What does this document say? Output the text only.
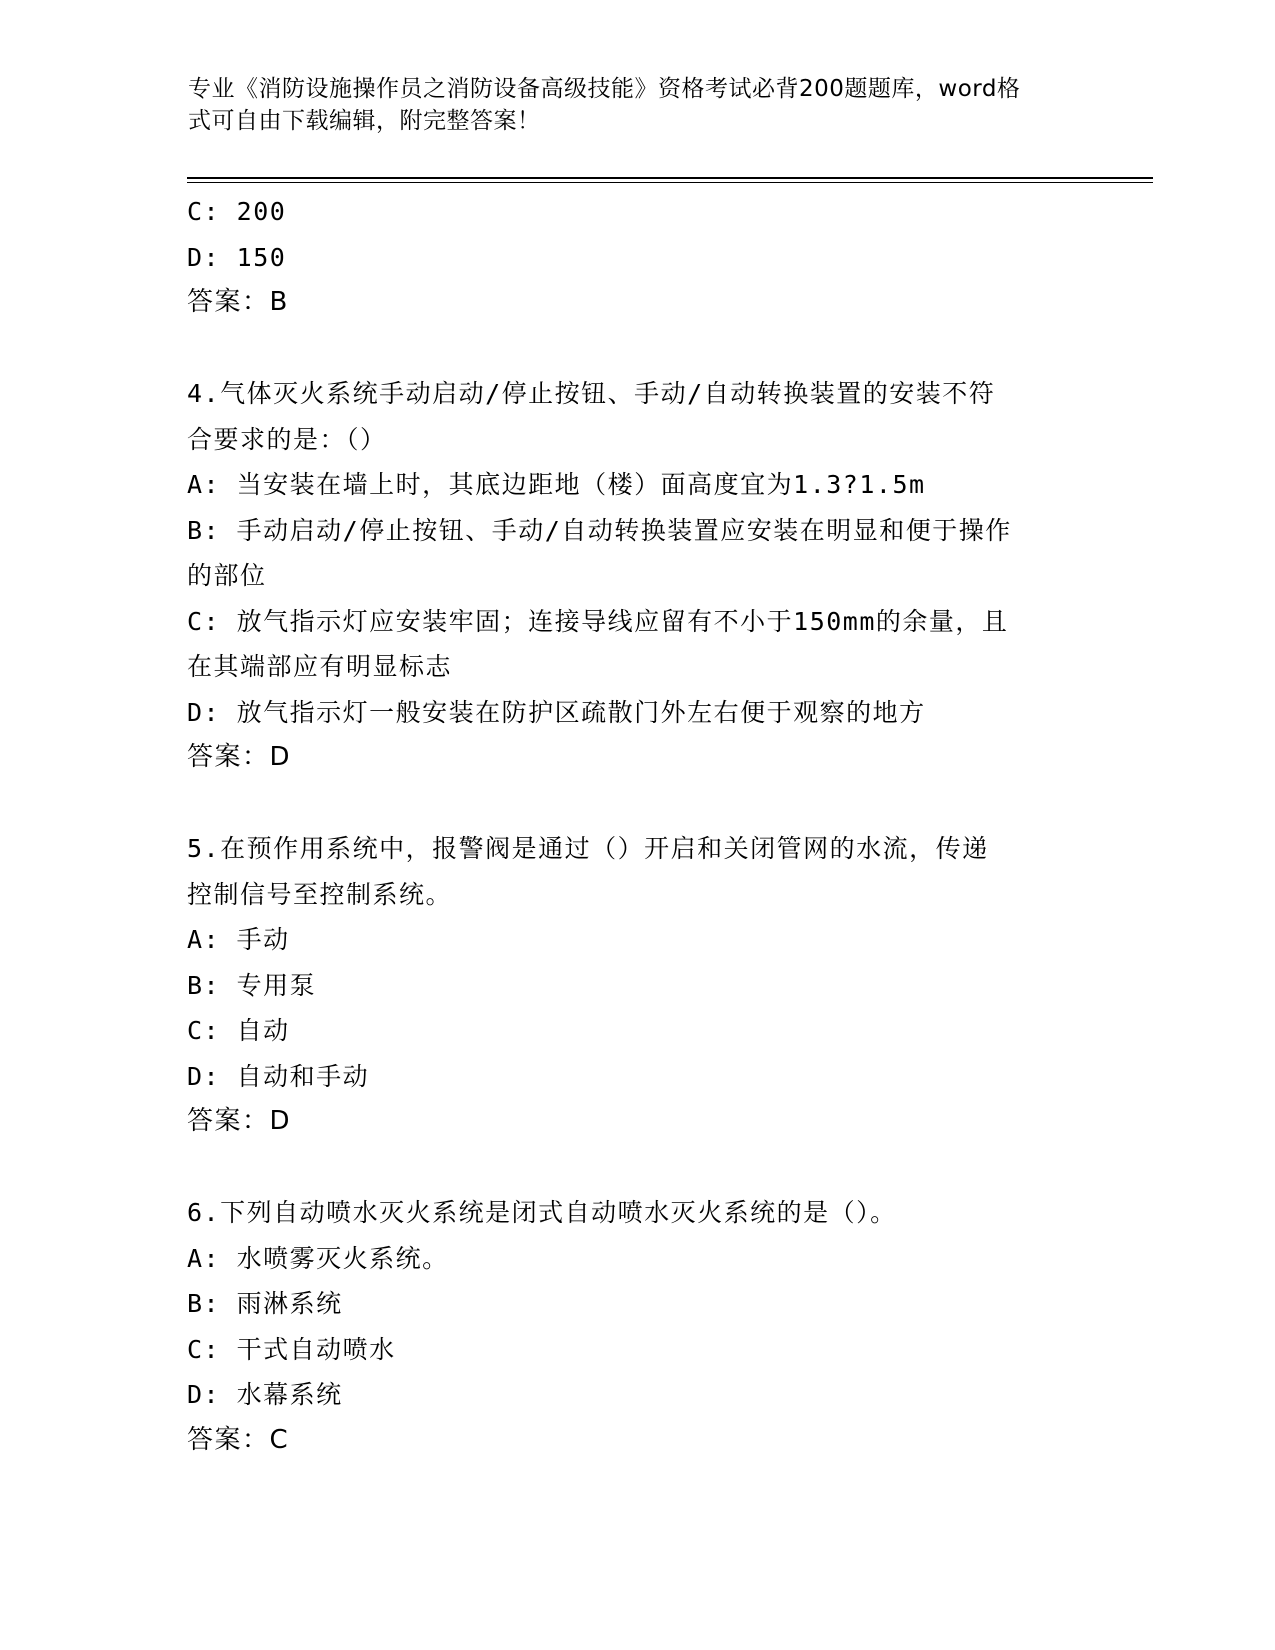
专业《消防设施操作员之消防设备高级技能》资格考试必背200题题库，word格
式可自由下载编辑，附完整答案！
C: 200
D: 150
答案：B
4.气体灭火系统手动启动/停止按钮、手动/自动转换装置的安装不符
合要求的是：（）
A: 当安装在墙上时，其底边距地（楼）面高度宜为1.3?1.5m
B: 手动启动/停止按钮、手动/自动转换装置应安装在明显和便于操作
的部位
C: 放气指示灯应安装牢固；连接导线应留有不小于150mm的余量，且
在其端部应有明显标志
D: 放气指示灯一般安装在防护区疏散门外左右便于观察的地方
答案：D
5.在预作用系统中，报警阀是通过（）开启和关闭管网的水流，传递
控制信号至控制系统。
A: 手动
B: 专用泵
C: 自动
D: 自动和手动
答案：D
6.下列自动喷水灭火系统是闭式自动喷水灭火系统的是（）。
A: 水喷雾灭火系统。
B: 雨淋系统
C: 干式自动喷水
D: 水幕系统
答案：C
